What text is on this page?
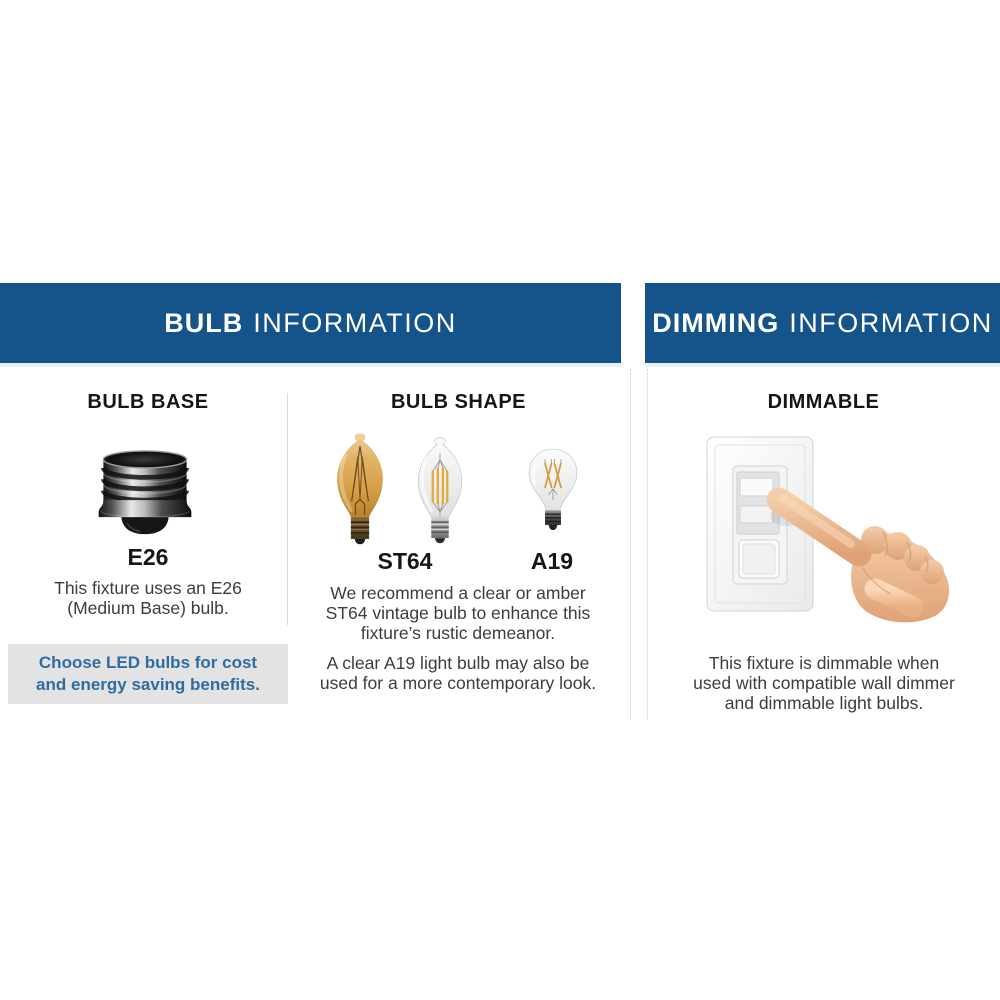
BULB INFORMATION	DIMMING INFORMATION
BULB BASE
E26
This fixture uses an E26
(Medium Base) bulb.
Choose LED bulbs for cost
and energy saving benefits.
BULB SHAPE
ST64	A19
We recommend a clear or amber
ST64 vintage bulb to enhance this
fixture’s rustic demeanor.
A clear A19 light bulb may also be
used for a more contemporary look.
DIMMABLE
This fixture is dimmable when
used with compatible wall dimmer
and dimmable light bulbs.
